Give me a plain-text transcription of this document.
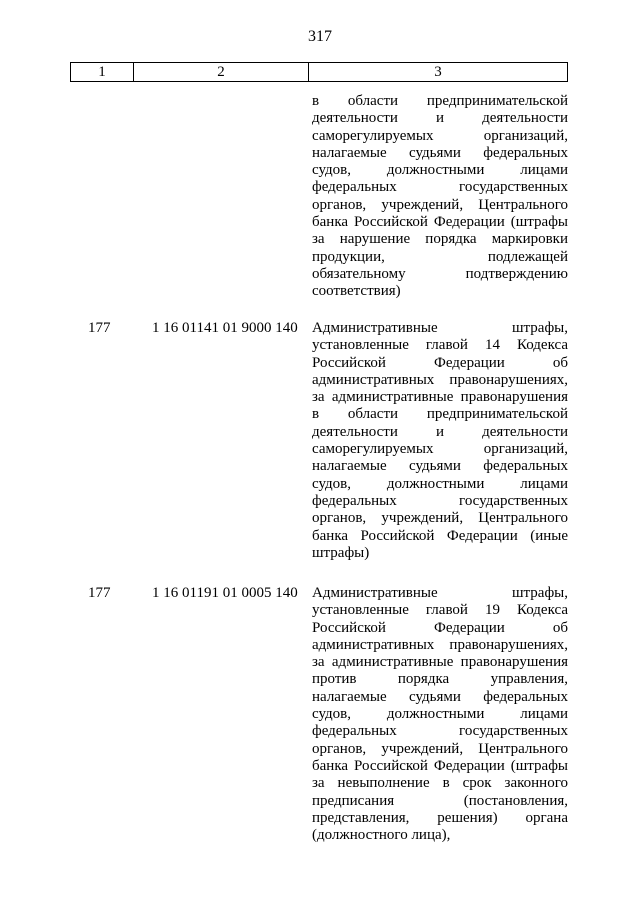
317
1	2	3
в области предпринимательской
деятельности и деятельности
саморегулируемых организаций,
налагаемые судьями федеральных
судов, должностными лицами
федеральных государственных
органов, учреждений, Центрального
банка Российской Федерации (штрафы
за нарушение порядка маркировки
продукции, подлежащей
обязательному подтверждению
соответствия)
177	1 16 01141 01 9000 140 Административные штрафы,
установленные главой 14 Кодекса
Российской Федерации об
административных правонарушениях,
за административные правонарушения
в области предпринимательской
деятельности и деятельности
саморегулируемых организаций,
налагаемые судьями федеральных
судов, должностными лицами
федеральных государственных
органов, учреждений, Центрального
банка Российской Федерации (иные
штрафы)
177	1 16 01191 01 0005 140 Административные штрафы,
установленные главой 19 Кодекса
Российской Федерации об
административных правонарушениях,
за административные правонарушения
против порядка управления,
налагаемые судьями федеральных
судов, должностными лицами
федеральных государственных
органов, учреждений, Центрального
банка Российской Федерации (штрафы
за невыполнение в срок законного
предписания (постановления,
представления, решения) органа
(должностного лица),
